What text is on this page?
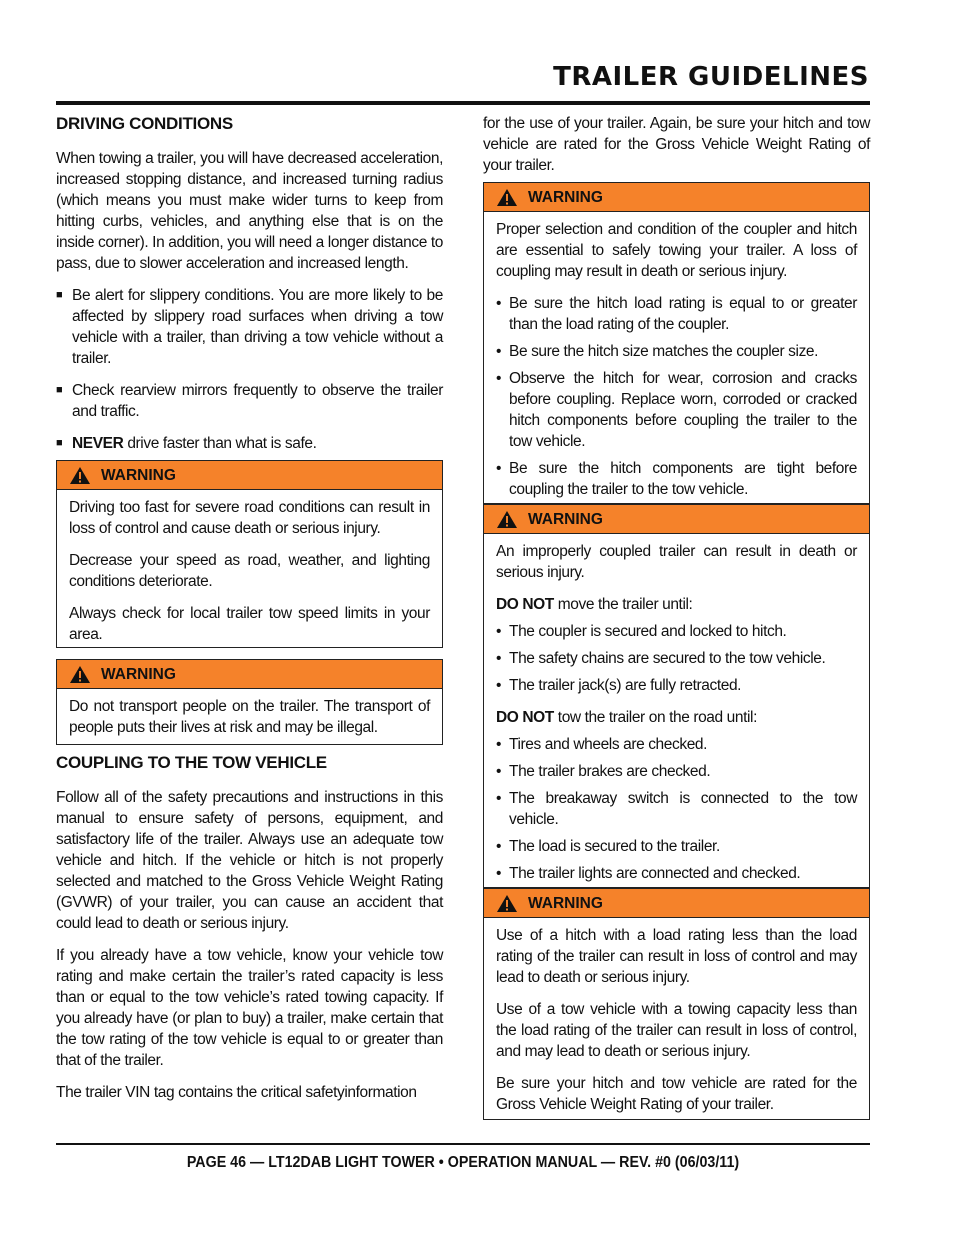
TRAILER GUIDELINES
DRIVING CONDITIONS

When towing a trailer, you will have decreased acceleration, increased stopping distance, and increased turning radius (which means you must make wider turns to keep from hitting curbs, vehicles, and anything else that is on the inside corner). In addition, you will need a longer distance to pass, due to slower acceleration and increased length.

■ Be alert for slippery conditions. You are more likely to be affected by slippery road surfaces when driving a tow vehicle with a trailer, than driving a tow vehicle without a trailer.
■ Check rearview mirrors frequently to observe the trailer and traffic.
■ NEVER drive faster than what is safe.
WARNING

Driving too fast for severe road conditions can result in loss of control and cause death or serious injury.

Decrease your speed as road, weather, and lighting conditions deteriorate.

Always check for local trailer tow speed limits in your area.

WARNING

Do not transport people on the trailer. The transport of people puts their lives at risk and may be illegal.

COUPLING TO THE TOW VEHICLE

Follow all of the safety precautions and instructions in this manual to ensure safety of persons, equipment, and satisfactory life of the trailer. Always use an adequate tow vehicle and hitch. If the vehicle or hitch is not properly selected and matched to the Gross Vehicle Weight Rating (GVWR) of your trailer, you can cause an accident that could lead to death or serious injury.

If you already have a tow vehicle, know your vehicle tow rating and make certain the trailer’s rated capacity is less than or equal to the tow vehicle’s rated towing capacity. If you already have (or plan to buy) a trailer, make certain that the tow rating of the tow vehicle is equal to or greater than that of the trailer.

The trailer VIN tag contains the critical safetyinformation

for the use of your trailer. Again, be sure your hitch and tow vehicle are rated for the Gross Vehicle Weight Rating of your trailer.

WARNING

Proper selection and condition of the coupler and hitch are essential to safely towing your trailer. A loss of coupling may result in death or serious injury.

• Be sure the hitch load rating is equal to or greater than the load rating of the coupler.
• Be sure the hitch size matches the coupler size.
• Observe the hitch for wear, corrosion and cracks before coupling. Replace worn, corroded or cracked hitch components before coupling the trailer to the tow vehicle.
• Be sure the hitch components are tight before coupling the trailer to the tow vehicle.
WARNING

An improperly coupled trailer can result in death or serious injury.

DO NOT move the trailer until:

• The coupler is secured and locked to hitch.
• The safety chains are secured to the tow vehicle.
• The trailer jack(s) are fully retracted.

DO NOT tow the trailer on the road until:

• Tires and wheels are checked.
• The trailer brakes are checked.
• The breakaway switch is connected to the tow vehicle.
• The load is secured to the trailer.
• The trailer lights are connected and checked.
WARNING

Use of a hitch with a load rating less than the load rating of the trailer can result in loss of control and may lead to death or serious injury.

Use of a tow vehicle with a towing capacity less than the load rating of the trailer can result in loss of control, and may lead to death or serious injury.

Be sure your hitch and tow vehicle are rated for the Gross Vehicle Weight Rating of your trailer.

PAGE 46 — LT12DAB LIGHT TOWER • OPERATION MANUAL — REV. #0 (06/03/11)
